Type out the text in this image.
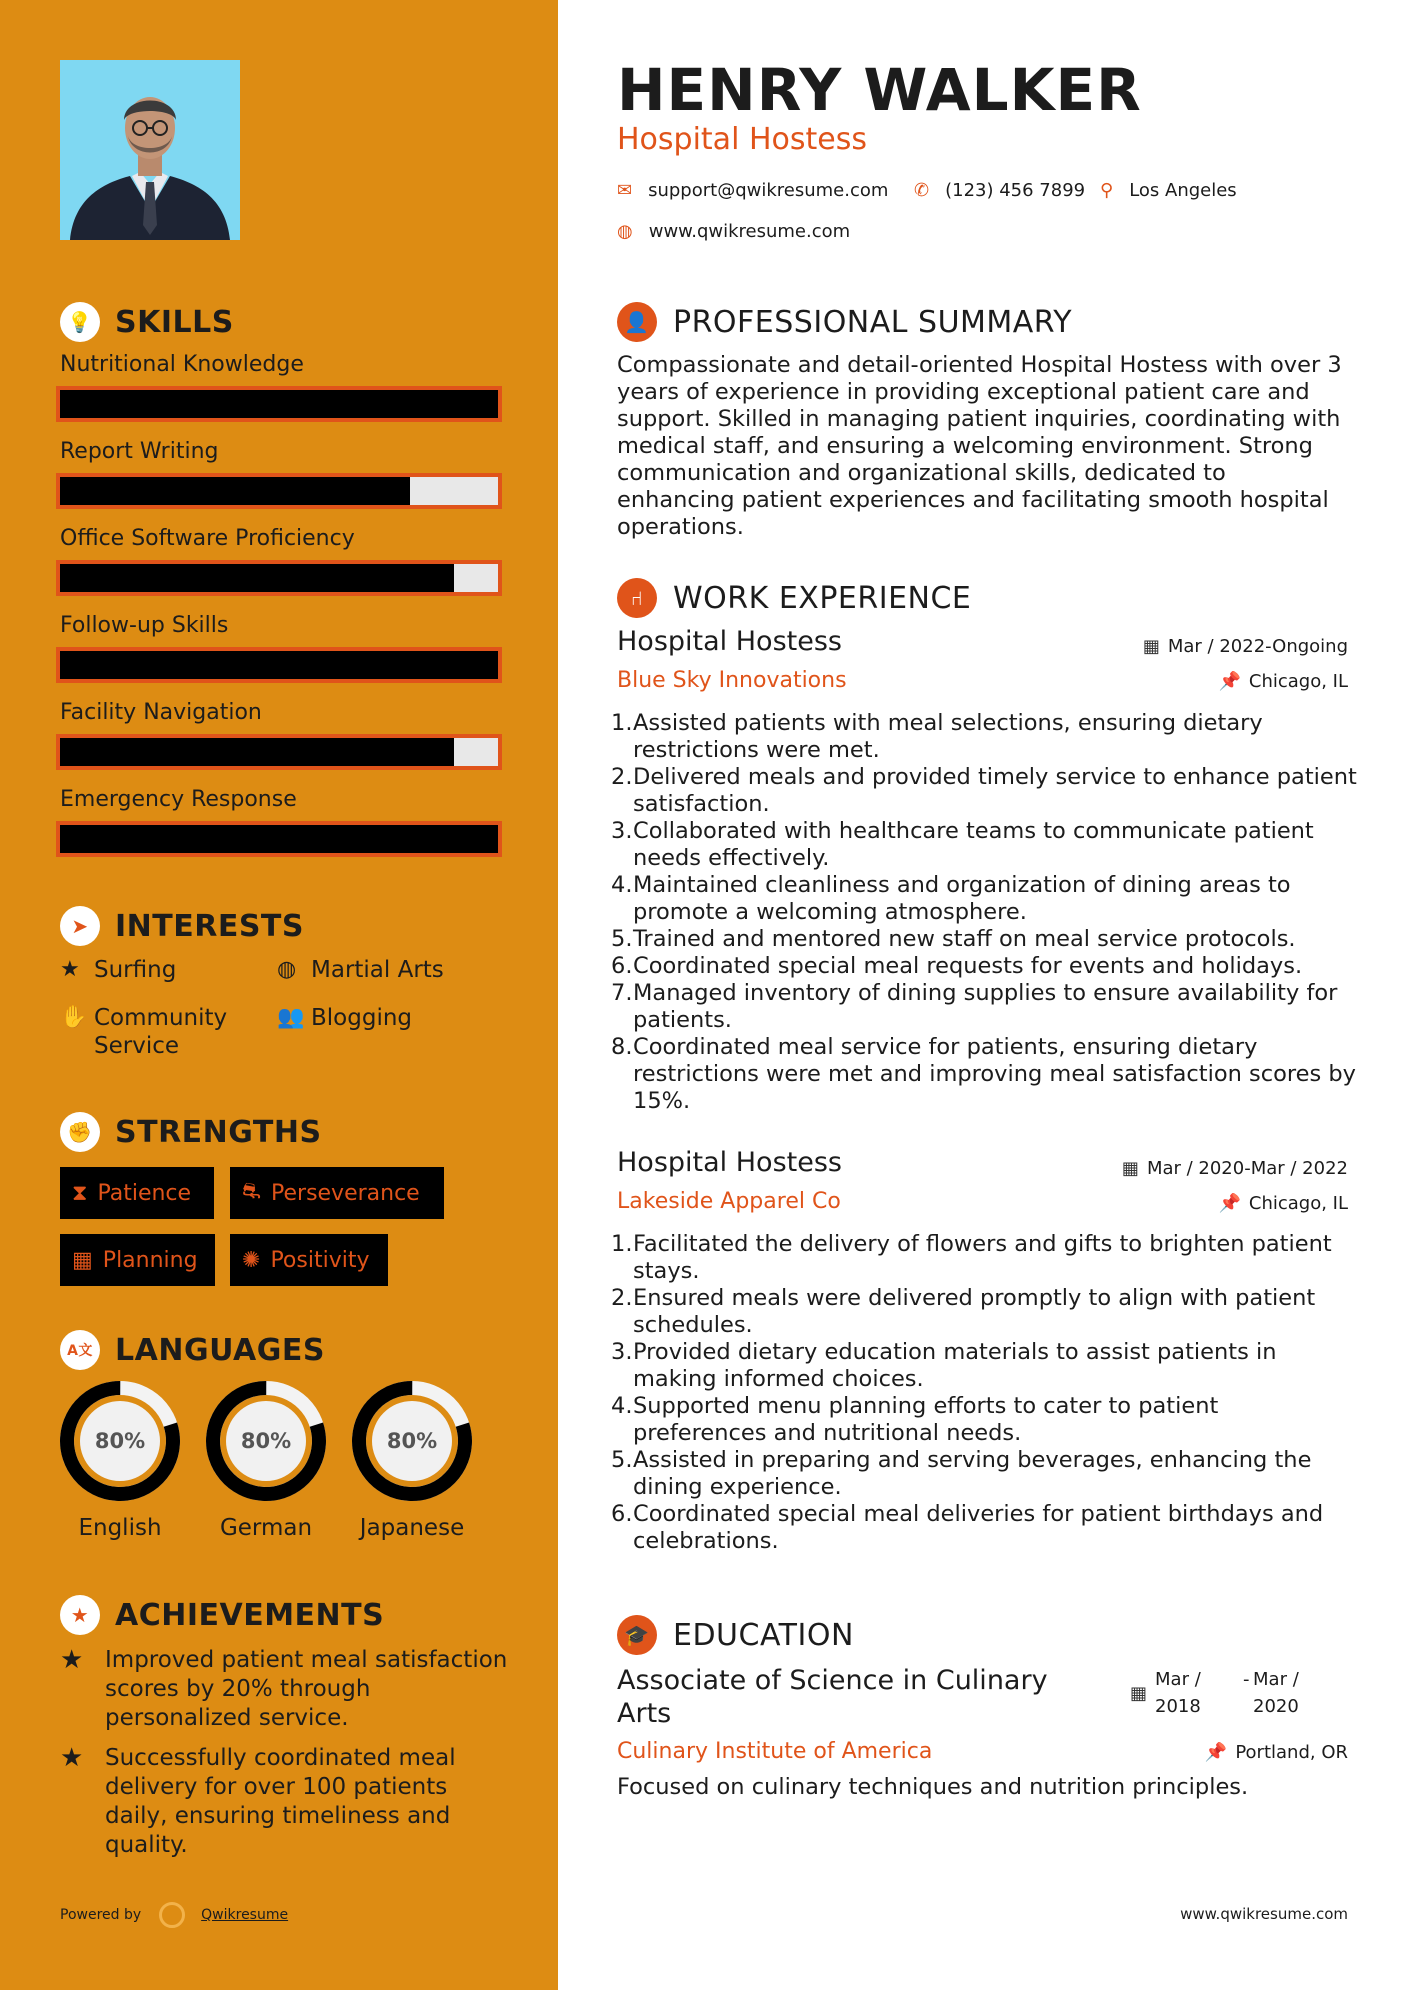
💡 SKILLS
Nutritional Knowledge
Report Writing
Office Software Proficiency
Follow-up Skills
Facility Navigation
Emergency Response
➤ INTERESTS
★ Surfing	◍ Martial Arts
✋ Community Service
👥 Blogging
✊ STRENGTHS
⧗ Patience ⛐ Perseverance
▦ Planning ✺ Positivity
A文 LANGUAGES
80%
English
80%
German
80%
Japanese
★ ACHIEVEMENTS
★ Improved patient meal satisfaction scores by 20% through personalized service.
★ Successfully coordinated meal delivery for over 100 patients daily, ensuring timeliness and quality.
Powered by	Qwikresume
HENRY WALKER
Hospital Hostess
✉ support@qwikresume.com ✆ (123) 456 7899 ⚲ Los Angeles
◍ www.qwikresume.com
👤 PROFESSIONAL SUMMARY
Compassionate and detail-oriented Hospital Hostess with over 3 years of experience in providing exceptional patient care and support. Skilled in managing patient inquiries, coordinating with medical staff, and ensuring a welcoming environment. Strong communication and organizational skills, dedicated to enhancing patient experiences and facilitating smooth hospital operations.
⑁ WORK EXPERIENCE
Hospital Hostess	▦ Mar / 2022-Ongoing
Blue Sky Innovations	📌 Chicago, IL
1. Assisted patients with meal selections, ensuring dietary restrictions were met.
2. Delivered meals and provided timely service to enhance patient satisfaction.
3. Collaborated with healthcare teams to communicate patient needs effectively.
4. Maintained cleanliness and organization of dining areas to promote a welcoming atmosphere.
5. Trained and mentored new staff on meal service protocols.
6. Coordinated special meal requests for events and holidays.
7. Managed inventory of dining supplies to ensure availability for patients.
8. Coordinated meal service for patients, ensuring dietary restrictions were met and improving meal satisfaction scores by 15%.
Hospital Hostess	▦ Mar / 2020-Mar / 2022
Lakeside Apparel Co	📌 Chicago, IL
1. Facilitated the delivery of flowers and gifts to brighten patient stays.
2. Ensured meals were delivered promptly to align with patient schedules.
3. Provided dietary education materials to assist patients in making informed choices.
4. Supported menu planning efforts to cater to patient preferences and nutritional needs.
5. Assisted in preparing and serving beverages, enhancing the dining experience.
6. Coordinated special meal deliveries for patient birthdays and celebrations.
🎓 EDUCATION
Associate of Science in Culinary Arts
▦
Mar / 2018
- Mar / 2020
Culinary Institute of America	📌 Portland, OR
Focused on culinary techniques and nutrition principles.
www.qwikresume.com
